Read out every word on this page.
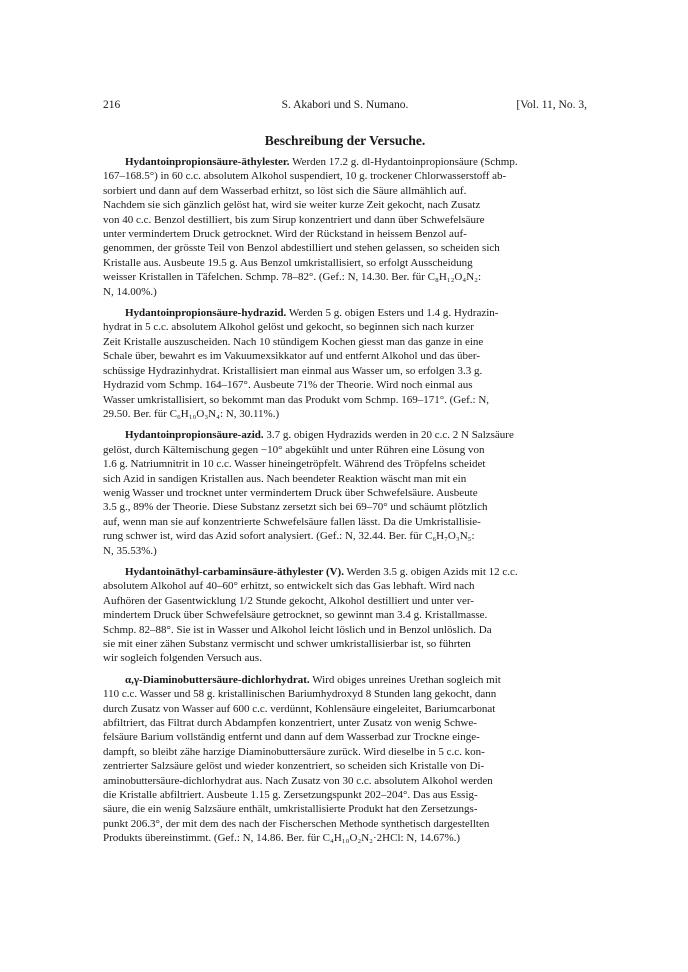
216	S. Akabori und S. Numano.	[Vol. 11, No. 3,
Beschreibung der Versuche.
Hydantoinpropionsäure-äthylester. Werden 17.2 g. dl-Hydantoinpropionsäure (Schmp.
167–168.5°) in 60 c.c. absolutem Alkohol suspendiert, 10 g. trockener Chlorwasserstoff ab-
sorbiert und dann auf dem Wasserbad erhitzt, so löst sich die Säure allmählich auf.
Nachdem sie sich gänzlich gelöst hat, wird sie weiter kurze Zeit gekocht, nach Zusatz
von 40 c.c. Benzol destilliert, bis zum Sirup konzentriert und dann über Schwefelsäure
unter vermindertem Druck getrocknet. Wird der Rückstand in heissem Benzol auf-
genommen, der grösste Teil von Benzol abdestilliert und stehen gelassen, so scheiden sich
Kristalle aus. Ausbeute 19.5 g. Aus Benzol umkristallisiert, so erfolgt Ausscheidung
weisser Kristallen in Täfelchen. Schmp. 78–82°. (Gef.: N, 14.30. Ber. für C₈H₁₂O₄N₂:
N, 14.00%.)
Hydantoinpropionsäure-hydrazid. Werden 5 g. obigen Esters und 1.4 g. Hydrazin-
hydrat in 5 c.c. absolutem Alkohol gelöst und gekocht, so beginnen sich nach kurzer
Zeit Kristalle auszuscheiden. Nach 10 stündigem Kochen giesst man das ganze in eine
Schale über, bewahrt es im Vakuumexsikkator auf und entfernt Alkohol und das über-
schüssige Hydrazinhydrat. Kristallisiert man einmal aus Wasser um, so erfolgen 3.3 g.
Hydrazid vom Schmp. 164–167°. Ausbeute 71% der Theorie. Wird noch einmal aus
Wasser umkristallisiert, so bekommt man das Produkt vom Schmp. 169–171°. (Gef.: N,
29.50. Ber. für C₆H₁₀O₃N₄: N, 30.11%.)
Hydantoinpropionsäure-azid. 3.7 g. obigen Hydrazids werden in 20 c.c. 2 N Salzsäure
gelöst, durch Kältemischung gegen −10° abgekühlt und unter Rühren eine Lösung von
1.6 g. Natriumnitrit in 10 c.c. Wasser hineingetröpfelt. Während des Tröpfelns scheidet
sich Azid in sandigen Kristallen aus. Nach beendeter Reaktion wäscht man mit ein
wenig Wasser und trocknet unter vermindertem Druck über Schwefelsäure. Ausbeute
3.5 g., 89% der Theorie. Diese Substanz zersetzt sich bei 69–70° und schäumt plötzlich
auf, wenn man sie auf konzentrierte Schwefelsäure fallen lässt. Da die Umkristallisie-
rung schwer ist, wird das Azid sofort analysiert. (Gef.: N, 32.44. Ber. für C₆H₇O₃N₅:
N, 35.53%.)
Hydantoinäthyl-carbaminsäure-äthylester (V). Werden 3.5 g. obigen Azids mit 12 c.c.
absolutem Alkohol auf 40–60° erhitzt, so entwickelt sich das Gas lebhaft. Wird nach
Aufhören der Gasentwicklung 1/2 Stunde gekocht, Alkohol destilliert und unter ver-
mindertem Druck über Schwefelsäure getrocknet, so gewinnt man 3.4 g. Kristallmasse.
Schmp. 82–88°. Sie ist in Wasser und Alkohol leicht löslich und in Benzol unlöslich. Da
sie mit einer zähen Substanz vermischt und schwer umkristallisierbar ist, so führten
wir sogleich folgenden Versuch aus.
α,γ-Diaminobuttersäure-dichlorhydrat. Wird obiges unreines Urethan sogleich mit
110 c.c. Wasser und 58 g. kristallinischen Bariumhydroxyd 8 Stunden lang gekocht, dann
durch Zusatz von Wasser auf 600 c.c. verdünnt, Kohlensäure eingeleitet, Bariumcarbonat
abfiltriert, das Filtrat durch Abdampfen konzentriert, unter Zusatz von wenig Schwe-
felsäure Barium vollständig entfernt und dann auf dem Wasserbad zur Trockne einge-
dampft, so bleibt zähe harzige Diaminobuttersäure zurück. Wird dieselbe in 5 c.c. kon-
zentrierter Salzsäure gelöst und wieder konzentriert, so scheiden sich Kristalle von Di-
aminobuttersäure-dichlorhydrat aus. Nach Zusatz von 30 c.c. absolutem Alkohol werden
die Kristalle abfiltriert. Ausbeute 1.15 g. Zersetzungspunkt 202–204°. Das aus Essig-
säure, die ein wenig Salzsäure enthält, umkristallisierte Produkt hat den Zersetzungs-
punkt 206.3°, der mit dem des nach der Fischerschen Methode synthetisch dargestellten
Produkts übereinstimmt. (Gef.: N, 14.86. Ber. für C₄H₁₀O₂N₂·2HCl: N, 14.67%.)
